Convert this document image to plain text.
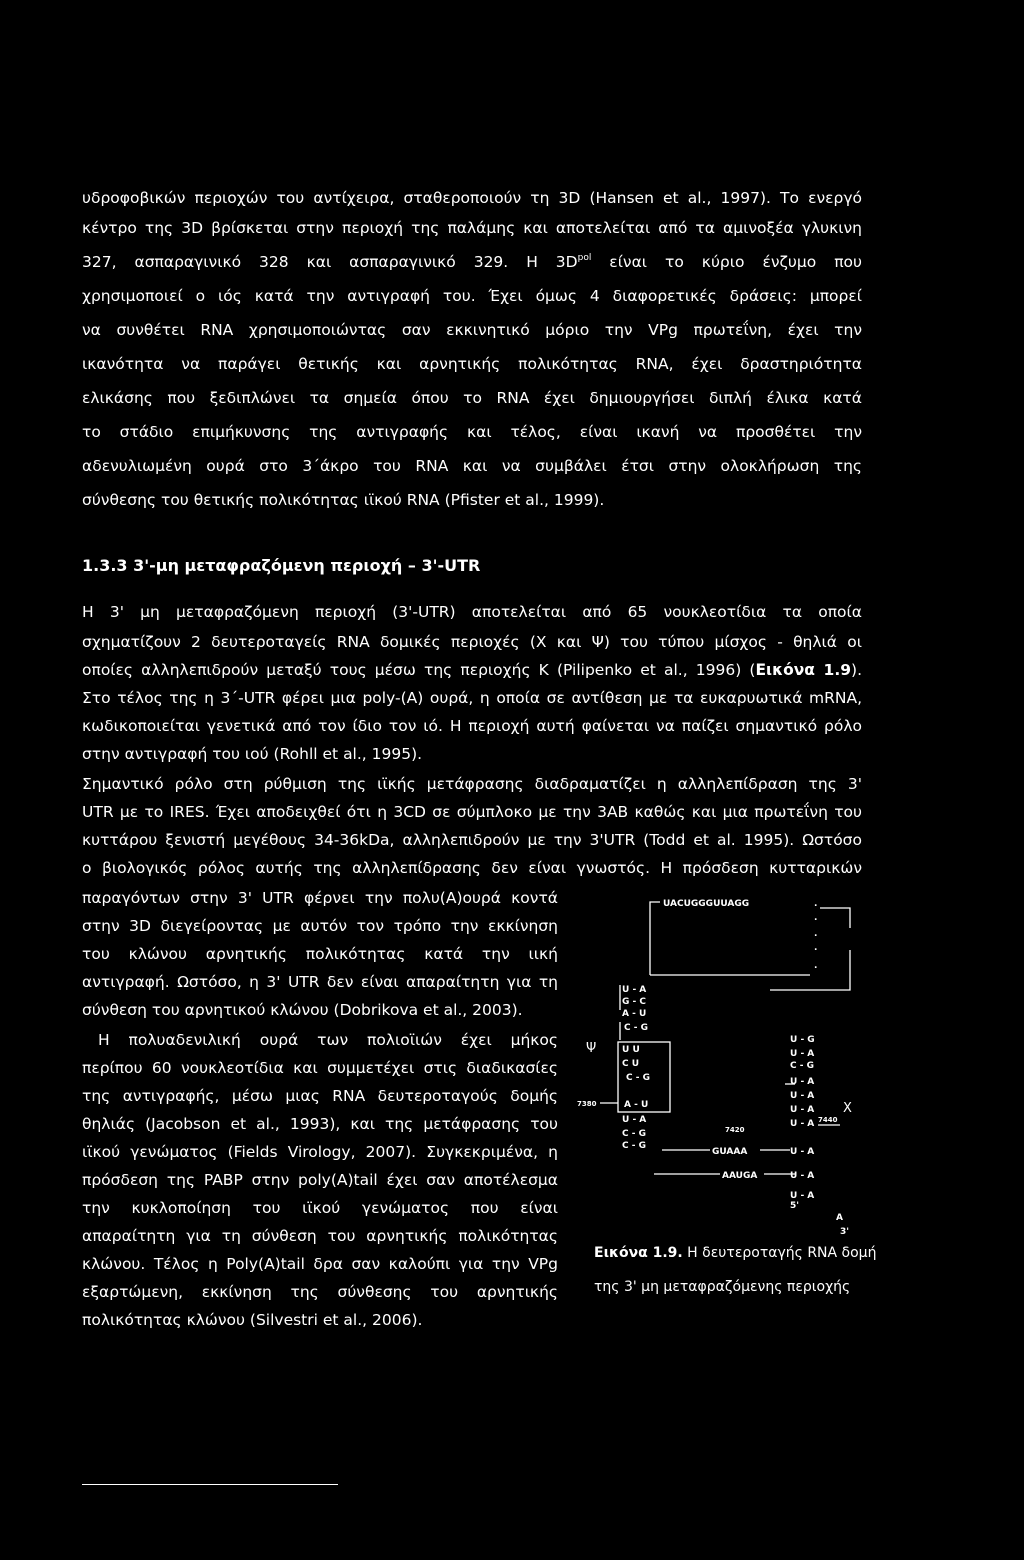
υδροφοβικών περιοχών του αντίχειρα, σταθεροποιούν τη 3D (Hansen et al., 1997). Το ενεργό
κέντρο της 3D βρίσκεται στην περιοχή της παλάμης και αποτελείται από τα αμινοξέα γλυκινη
327, ασπαραγινικό 328 και ασπαραγινικό 329. Η $3D^{pol}$ είναι το κύριο ένζυμο που
χρησιμοποιεί ο ιός κατά την αντιγραφή του. Έχει όμως 4 διαφορετικές δράσεις: μπορεί
να συνθέτει RNA χρησιμοποιώντας σαν εκκινητικό μόριο την VPg πρωτεΐνη, έχει την
ικανότητα να παράγει θετικής και αρνητικής πολικότητας RNA, έχει δραστηριότητα
ελικάσης που ξεδιπλώνει τα σημεία όπου το RNA έχει δημιουργήσει διπλή έλικα κατά
το στάδιο επιμήκυνσης της αντιγραφής και τέλος, είναι ικανή να προσθέτει την
αδενυλιωμένη ουρά στο 3΄άκρο του RNA και να συμβάλει έτσι στην ολοκλήρωση της
σύνθεσης του θετικής πολικότητας ιϊκού RNA (Pfister et al., 1999).
1.3.3 3'-μη μεταφραζόμενη περιοχή – 3'-UTR
Η 3' μη μεταφραζόμενη περιοχή (3'-UTR) αποτελείται από 65 νουκλεοτίδια τα οποία
σχηματίζουν 2 δευτεροταγείς RNA δομικές περιοχές (Χ και Ψ) του τύπου μίσχος - θηλιά οι
οποίες αλληλεπιδρούν μεταξύ τους μέσω της περιοχής Κ (Pilipenko et al., 1996) (Εικόνα 1.9).
Στο τέλος της η 3΄-UTR φέρει μια poly-(A) ουρά, η οποία σε αντίθεση με τα ευκαρυωτικά mRNA,
κωδικοποιείται γενετικά από τον ίδιο τον ιό. Η περιοχή αυτή φαίνεται να παίζει σημαντικό ρόλο
στην αντιγραφή του ιού (Rohll et al., 1995).
Σημαντικό ρόλο στη ρύθμιση της ιϊκής μετάφρασης διαδραματίζει η αλληλεπίδραση της 3'
UTR με το IRES. Έχει αποδειχθεί ότι η 3CD σε σύμπλοκο με την 3AB καθώς και μια πρωτεΐνη του
κυττάρου ξενιστή μεγέθους 34-36kDa, αλληλεπιδρούν με την 3'UTR (Todd et al. 1995). Ωστόσο
ο βιολογικός ρόλος αυτής της αλληλεπίδρασης δεν είναι γνωστός. Η πρόσδεση κυτταρικών
παραγόντων στην 3' UTR φέρνει την πολυ(A)ουρά κοντά
στην 3D διεγείροντας με αυτόν τον τρόπο την εκκίνηση
του κλώνου αρνητικής πολικότητας κατά την ιική
αντιγραφή. Ωστόσο, η 3' UTR δεν είναι απαραίτητη για τη
σύνθεση του αρνητικού κλώνου (Dobrikova et al., 2003).
Η πολυαδενιλική ουρά των πολιοϊιών έχει μήκος
περίπου 60 νουκλεοτίδια και συμμετέχει στις διαδικασίες
της αντιγραφής, μέσω μιας RNA δευτεροταγούς δομής
θηλιάς (Jacobson et al., 1993), και της μετάφρασης του
ιϊκού γενώματος (Fields Virology, 2007). Συγκεκριμένα, η
πρόσδεση της PABP στην poly(A)tail έχει σαν αποτέλεσμα
την κυκλοποίηση του ιϊκού γενώματος που είναι
απαραίτητη για τη σύνθεση του αρνητικής πολικότητας
κλώνου. Τέλος η Poly(A)tail δρα σαν καλούπι για την VPg
εξαρτώμενη, εκκίνηση της σύνθεσης του αρνητικής
πολικότητας κλώνου (Silvestri et al., 2006).
UACUGGGUUAGG	.
.
.
.
.
Ψ
X
7380
7420
7440
GUAAA
AAUGA
U - A
G - C
A - U
C - G
U U
C U
C - G
A - U
U - A
C - G
C - G
U - G
U - A
C - G
U - A
U - A
U - A
U - A
U - A
U - A
U - A
5'
A
3'
Εικόνα 1.9. Η δευτεροταγής RNA δομή
της 3' μη μεταφραζόμενης περιοχής
